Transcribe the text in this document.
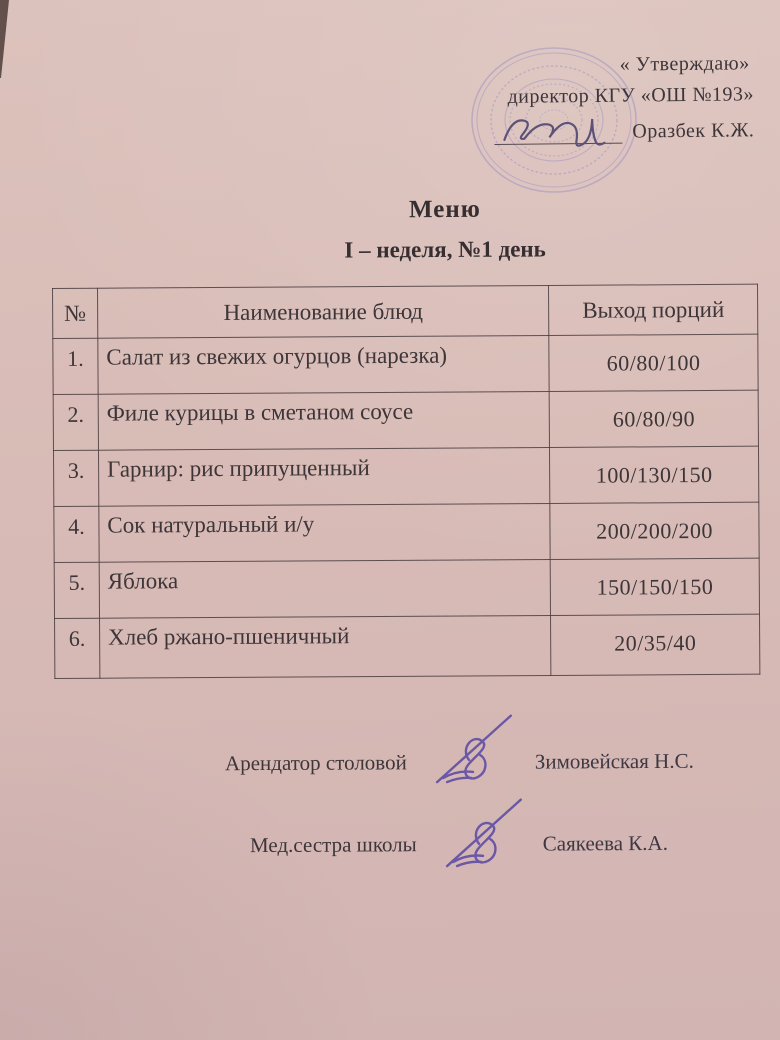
« Утверждаю»
директор КГУ «ОШ №193»
Оразбек К.Ж.
Меню
I – неделя, №1 день
№	Наименование блюд	Выход порций
1.	Салат из свежих огурцов (нарезка)	60/80/100
2.	Филе курицы в сметаном соусе	60/80/90
3.	Гарнир: рис припущенный	100/130/150
4.	Сок натуральный и/у	200/200/200
5.	Яблока	150/150/150
6.	Хлеб ржано-пшеничный	20/35/40
Арендатор столовой	Зимовейская Н.С.
Мед.сестра школы	Саякеева К.А.
